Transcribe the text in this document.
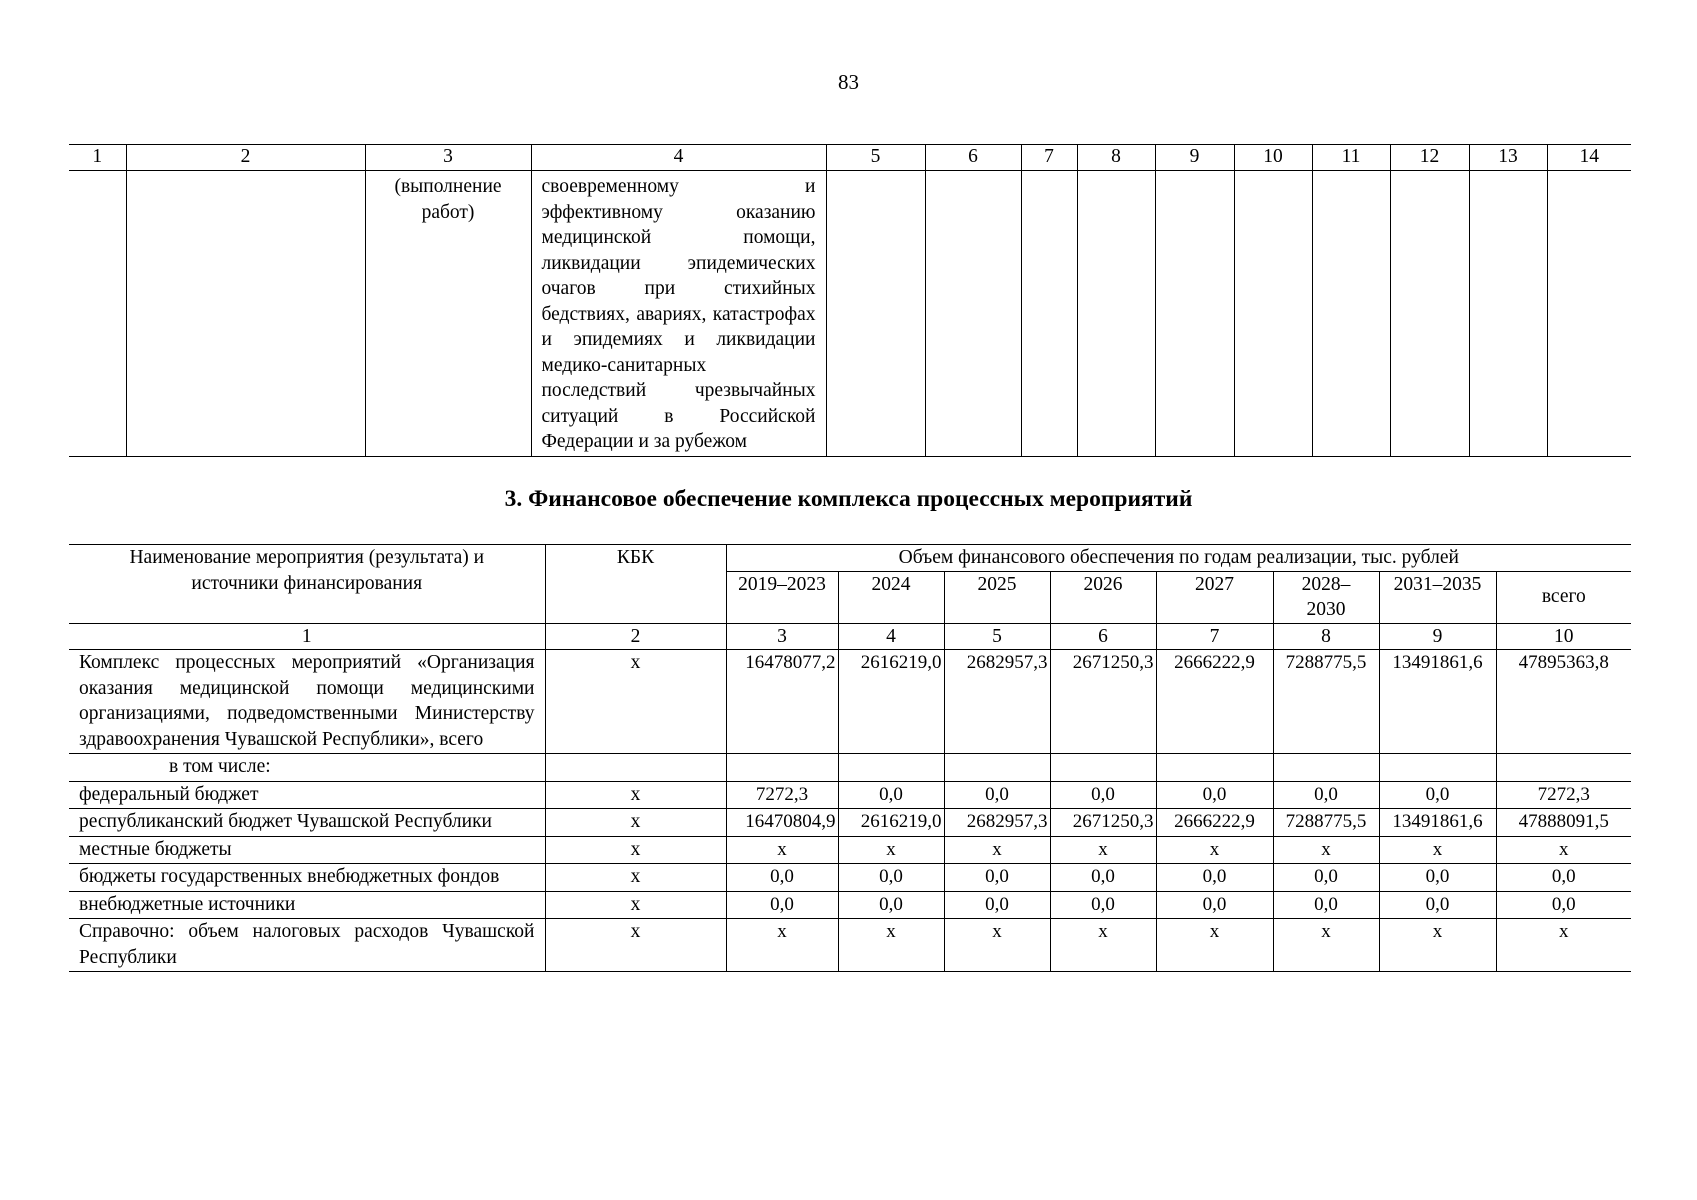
83
1	2	3	4	5	6	7	8	9	10	11	12	13	14
		(выполнение работ)	своевременному и эффективному оказанию медицинской помощи, ликвидации эпидемических очагов при стихийных бедствиях, авариях, катастрофах и эпидемиях и ликвидации медико-санитарных последствий чрезвычайных ситуаций в Российской Федерации и за рубежом										
3. Финансовое обеспечение комплекса процессных мероприятий
Наименование мероприятия (результата) и источники финансирования	КБК	Объем финансового обеспечения по годам реализации, тыс. рублей							
		2019–2023	2024	2025	2026	2027	2028–2030	2031–2035	всего
1	2	3	4	5	6	7	8	9	10
Комплекс процессных мероприятий «Организация оказания медицинской помощи медицинскими организациями, подведомственными Министерству здравоохранения Чувашской Республики», всего	x	16478077,2	2616219,0	2682957,3	2671250,3	2666222,9	7288775,5	13491861,6	47895363,8
в том числе:									
федеральный бюджет	x	7272,3	0,0	0,0	0,0	0,0	0,0	0,0	7272,3
республиканский бюджет Чувашской Республики	x	16470804,9	2616219,0	2682957,3	2671250,3	2666222,9	7288775,5	13491861,6	47888091,5
местные бюджеты	x	x	x	x	x	x	x	x	x
бюджеты государственных внебюджетных фондов	x	0,0	0,0	0,0	0,0	0,0	0,0	0,0	0,0
внебюджетные источники	x	0,0	0,0	0,0	0,0	0,0	0,0	0,0	0,0
Справочно: объем налоговых расходов Чувашской Республики	x	x	x	x	x	x	x	x	x
